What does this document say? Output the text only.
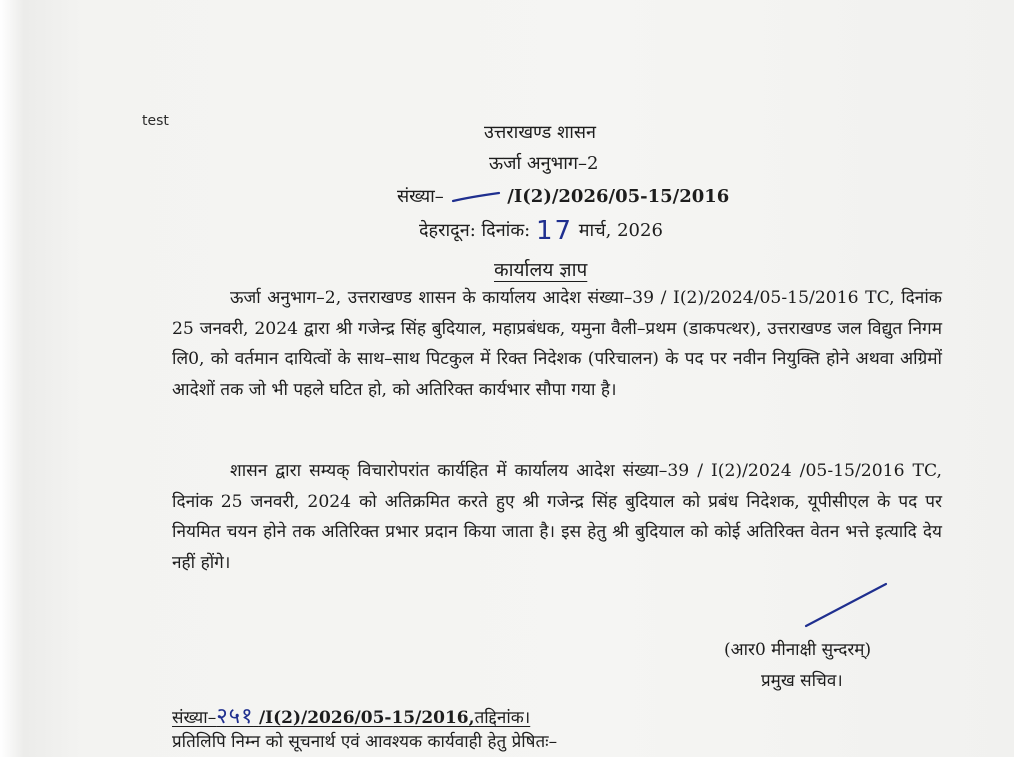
test
उत्तराखण्ड शासन
ऊर्जा अनुभाग–2
संख्या–	/I(2)/2026/05-15/2016
देहरादून: दिनांक: 17 मार्च, 2026
कार्यालय ज्ञाप

ऊर्जा अनुभाग–2, उत्तराखण्ड शासन के कार्यालय आदेश संख्या–39 / I(2)/2024/05-15/2016 TC, दिनांक 25 जनवरी, 2024 द्वारा श्री गजेन्द्र सिंह बुदियाल, महाप्रबंधक, यमुना वैली–प्रथम (डाकपत्थर), उत्तराखण्ड जल विद्युत निगम लि0, को वर्तमान दायित्वों के साथ–साथ पिटकुल में रिक्त निदेशक (परिचालन) के पद पर नवीन नियुक्ति होने अथवा अग्रिमों आदेशों तक जो भी पहले घटित हो, को अतिरिक्त कार्यभार सौपा गया है।

शासन द्वारा सम्यक् विचारोपरांत कार्यहित में कार्यालय आदेश संख्या–39 / I(2)/2024 /05-15/2016 TC, दिनांक 25 जनवरी, 2024 को अतिक्रमित करते हुए श्री गजेन्द्र सिंह बुदियाल को प्रबंध निदेशक, यूपीसीएल के पद पर नियमित चयन होने तक अतिरिक्त प्रभार प्रदान किया जाता है। इस हेतु श्री बुदियाल को कोई अतिरिक्त वेतन भत्ते इत्यादि देय नहीं होंगे।

(आर0 मीनाक्षी सुन्दरम्)
प्रमुख सचिव।
संख्या–२५१ /I(2)/2026/05-15/2016,तद्दिनांक।
प्रतिलिपि निम्न को सूचनार्थ एवं आवश्यक कार्यवाही हेतु प्रेषितः–
